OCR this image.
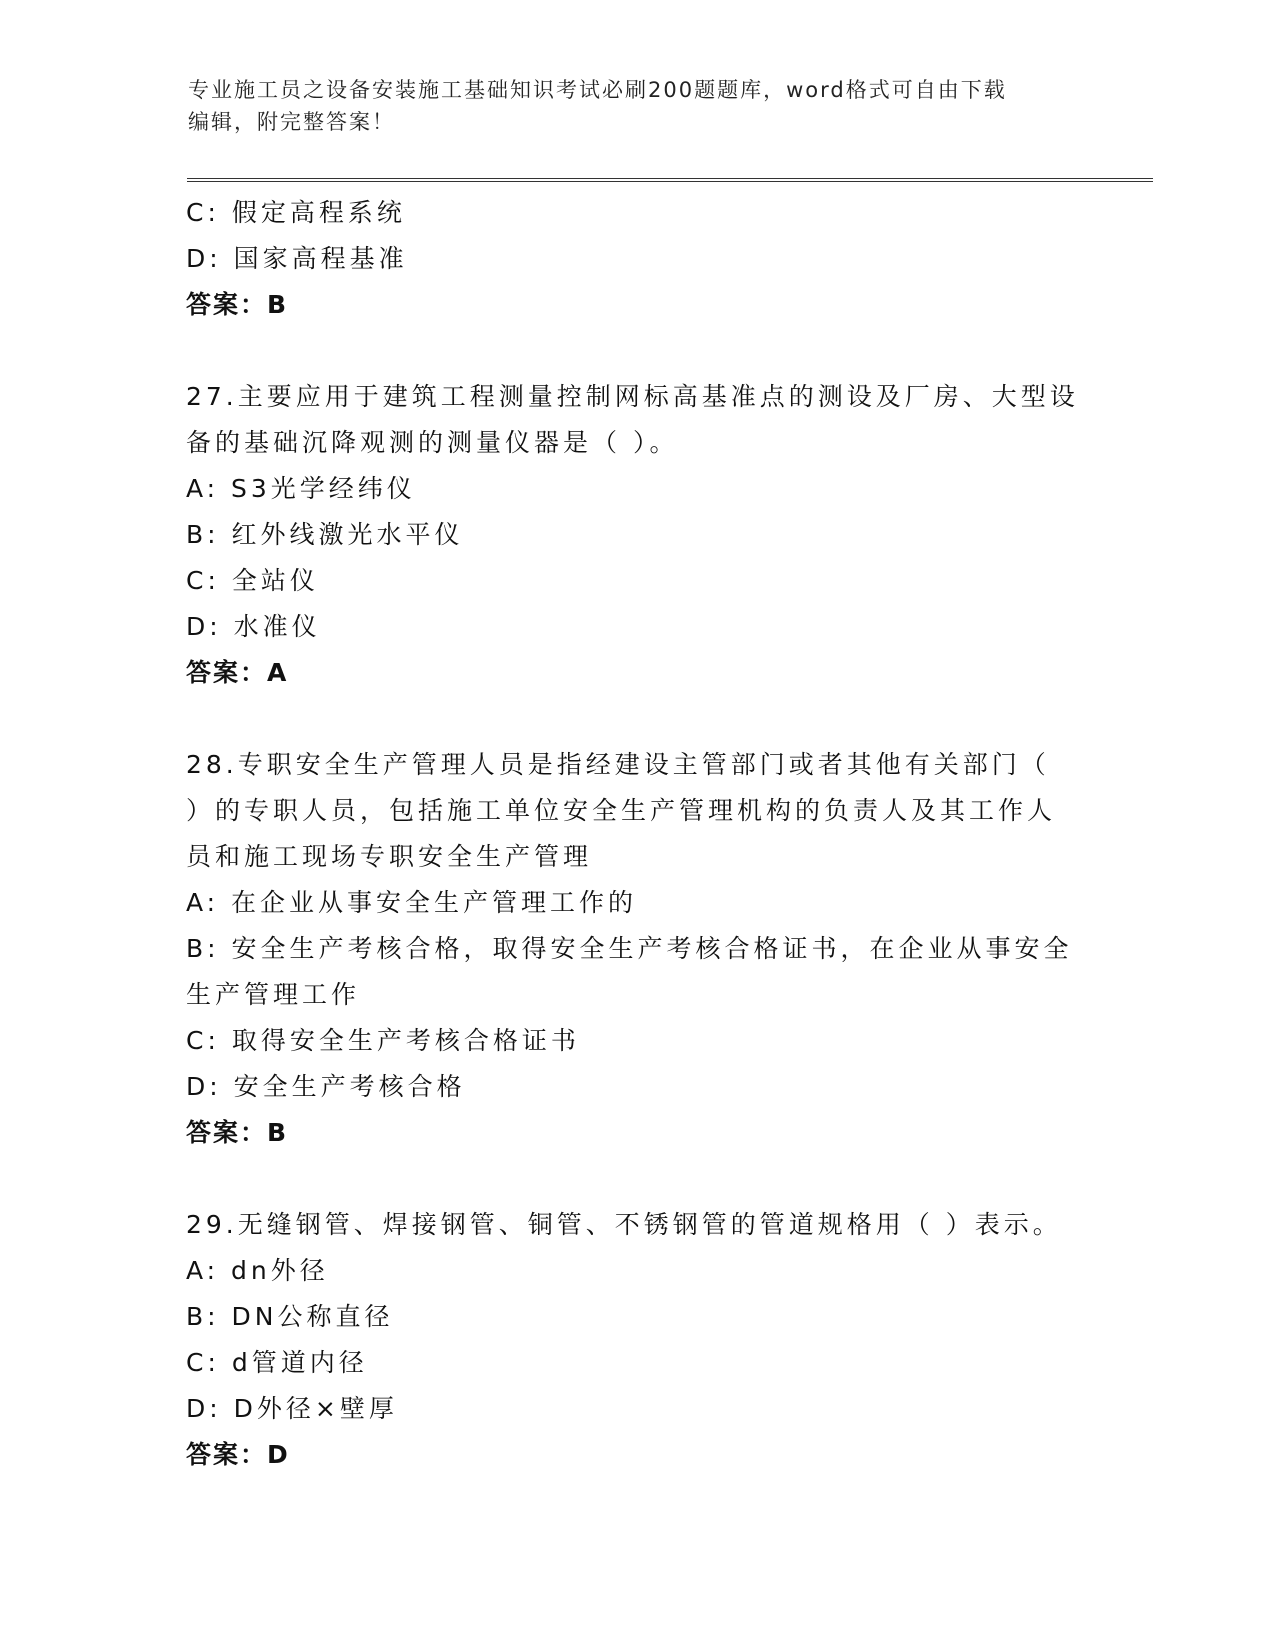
专业施工员之设备安装施工基础知识考试必刷200题题库，word格式可自由下载
编辑，附完整答案！
C: 假定高程系统
D: 国家高程基准
答案：B
27.主要应用于建筑工程测量控制网标高基准点的测设及厂房、大型设
备的基础沉降观测的测量仪器是（ ）。
A: S3光学经纬仪
B: 红外线激光水平仪
C: 全站仪
D: 水准仪
答案：A
28.专职安全生产管理人员是指经建设主管部门或者其他有关部门（
）的专职人员，包括施工单位安全生产管理机构的负责人及其工作人
员和施工现场专职安全生产管理
A: 在企业从事安全生产管理工作的
B: 安全生产考核合格，取得安全生产考核合格证书，在企业从事安全
生产管理工作
C: 取得安全生产考核合格证书
D: 安全生产考核合格
答案：B
29.无缝钢管、焊接钢管、铜管、不锈钢管的管道规格用（ ）表示。
A: dn外径
B: DN公称直径
C: d管道内径
D: D外径×壁厚
答案：D
